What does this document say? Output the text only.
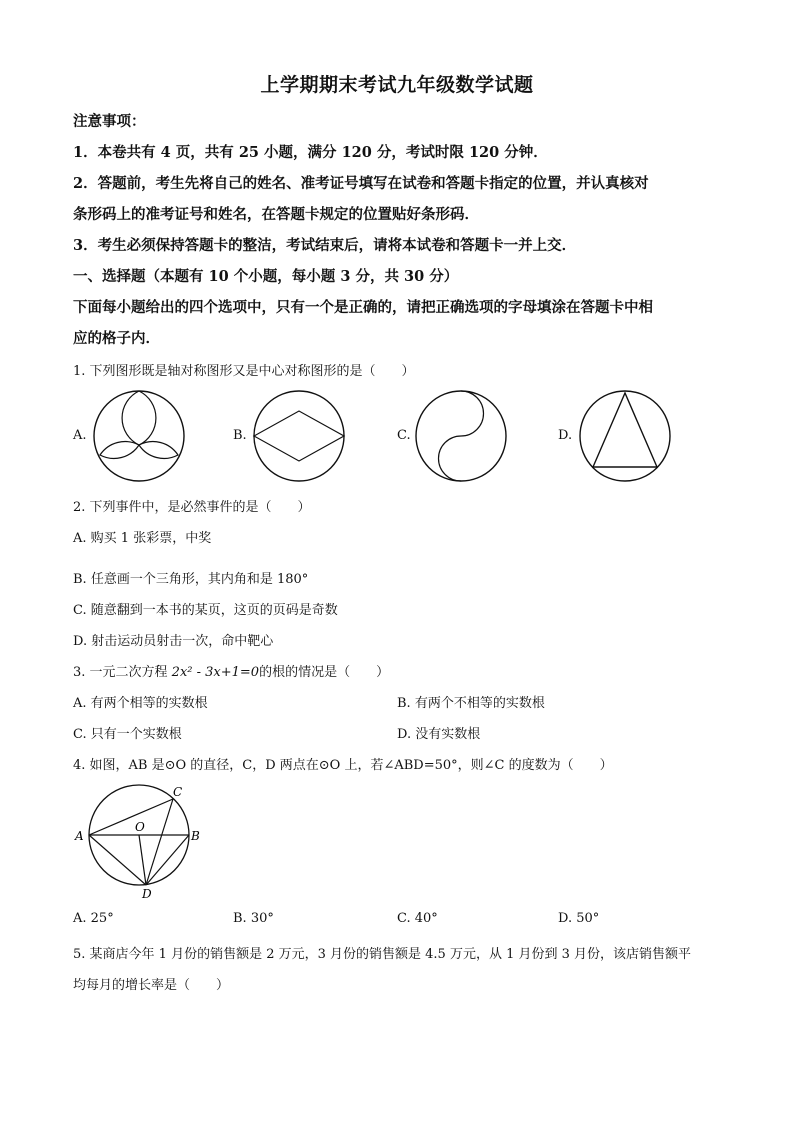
上学期期末考试九年级数学试题
注意事项：
1．本卷共有 4 页，共有 25 小题，满分 120 分，考试时限 120 分钟．
2．答题前，考生先将自己的姓名、准考证号填写在试卷和答题卡指定的位置，并认真核对
条形码上的准考证号和姓名，在答题卡规定的位置贴好条形码．
3．考生必须保持答题卡的整洁，考试结束后，请将本试卷和答题卡一并上交．
一、选择题（本题有 10 个小题，每小题 3 分，共 30 分）
下面每小题给出的四个选项中，只有一个是正确的，请把正确选项的字母填涂在答题卡中相
应的格子内．
1. 下列图形既是轴对称图形又是中心对称图形的是（　　）
A.	B.	C.	D.
2. 下列事件中，是必然事件的是（　　）
A. 购买 1 张彩票，中奖
B. 任意画一个三角形，其内角和是 180°
C. 随意翻到一本书的某页，这页的页码是奇数
D. 射击运动员射击一次，命中靶心
3. 一元二次方程 2x² - 3x+1=0的根的情况是（　　）
A. 有两个相等的实数根	B. 有两个不相等的实数根
C. 只有一个实数根	D. 没有实数根
4. 如图，AB 是⊙O 的直径，C，D 两点在⊙O 上，若∠ABD=50°，则∠C 的度数为（　　）
A	B
C
D
O
A. 25°	B. 30°	C. 40°	D. 50°
5. 某商店今年 1 月份的销售额是 2 万元，3 月份的销售额是 4.5 万元，从 1 月份到 3 月份，该店销售额平
均每月的增长率是（　　）
